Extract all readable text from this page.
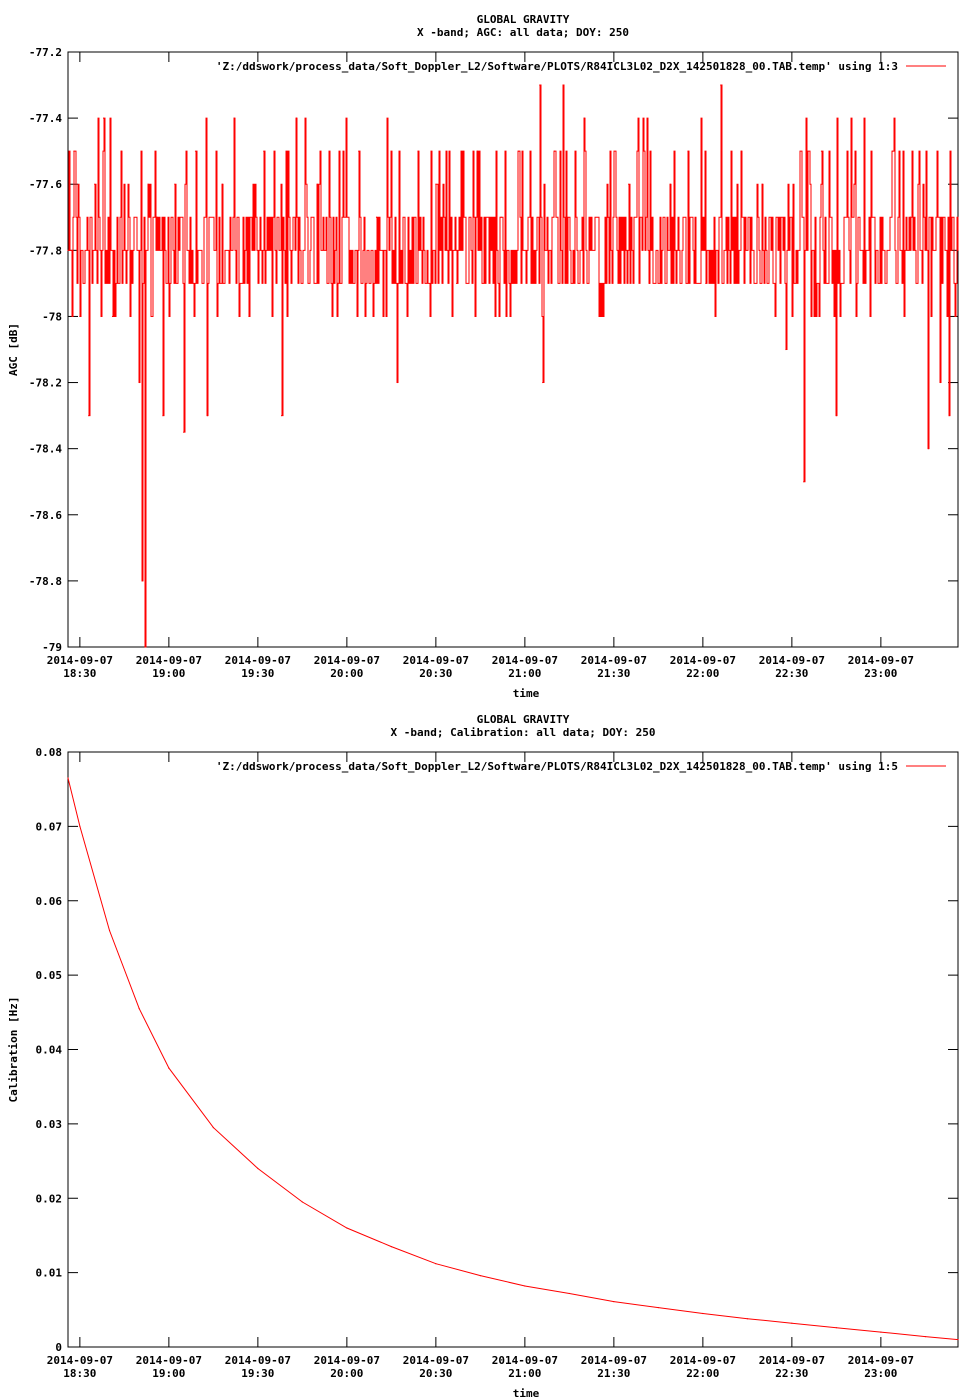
GLOBAL GRAVITY
X -band; AGC: all data; DOY: 250
-77.2
-77.4
-77.6
-77.8
-78
-78.2
-78.4
-78.6
-78.8
-79
2014-09-07
18:30
2014-09-07
19:00
2014-09-07
19:30
2014-09-07
20:00
2014-09-07
20:30
2014-09-07
21:00
2014-09-07
21:30
2014-09-07
22:00
2014-09-07
22:30
2014-09-07
23:00
time
AGC [dB]
'Z:/ddswork/process_data/Soft_Doppler_L2/Software/PLOTS/R84ICL3L02_D2X_142501828_00.TAB.temp' using 1:3
GLOBAL GRAVITY
X -band; Calibration: all data; DOY: 250
0.08
0.07
0.06
0.05
0.04
0.03
0.02
0.01
0
2014-09-07
18:30
2014-09-07
19:00
2014-09-07
19:30
2014-09-07
20:00
2014-09-07
20:30
2014-09-07
21:00
2014-09-07
21:30
2014-09-07
22:00
2014-09-07
22:30
2014-09-07
23:00
time
Calibration [Hz]
'Z:/ddswork/process_data/Soft_Doppler_L2/Software/PLOTS/R84ICL3L02_D2X_142501828_00.TAB.temp' using 1:5
